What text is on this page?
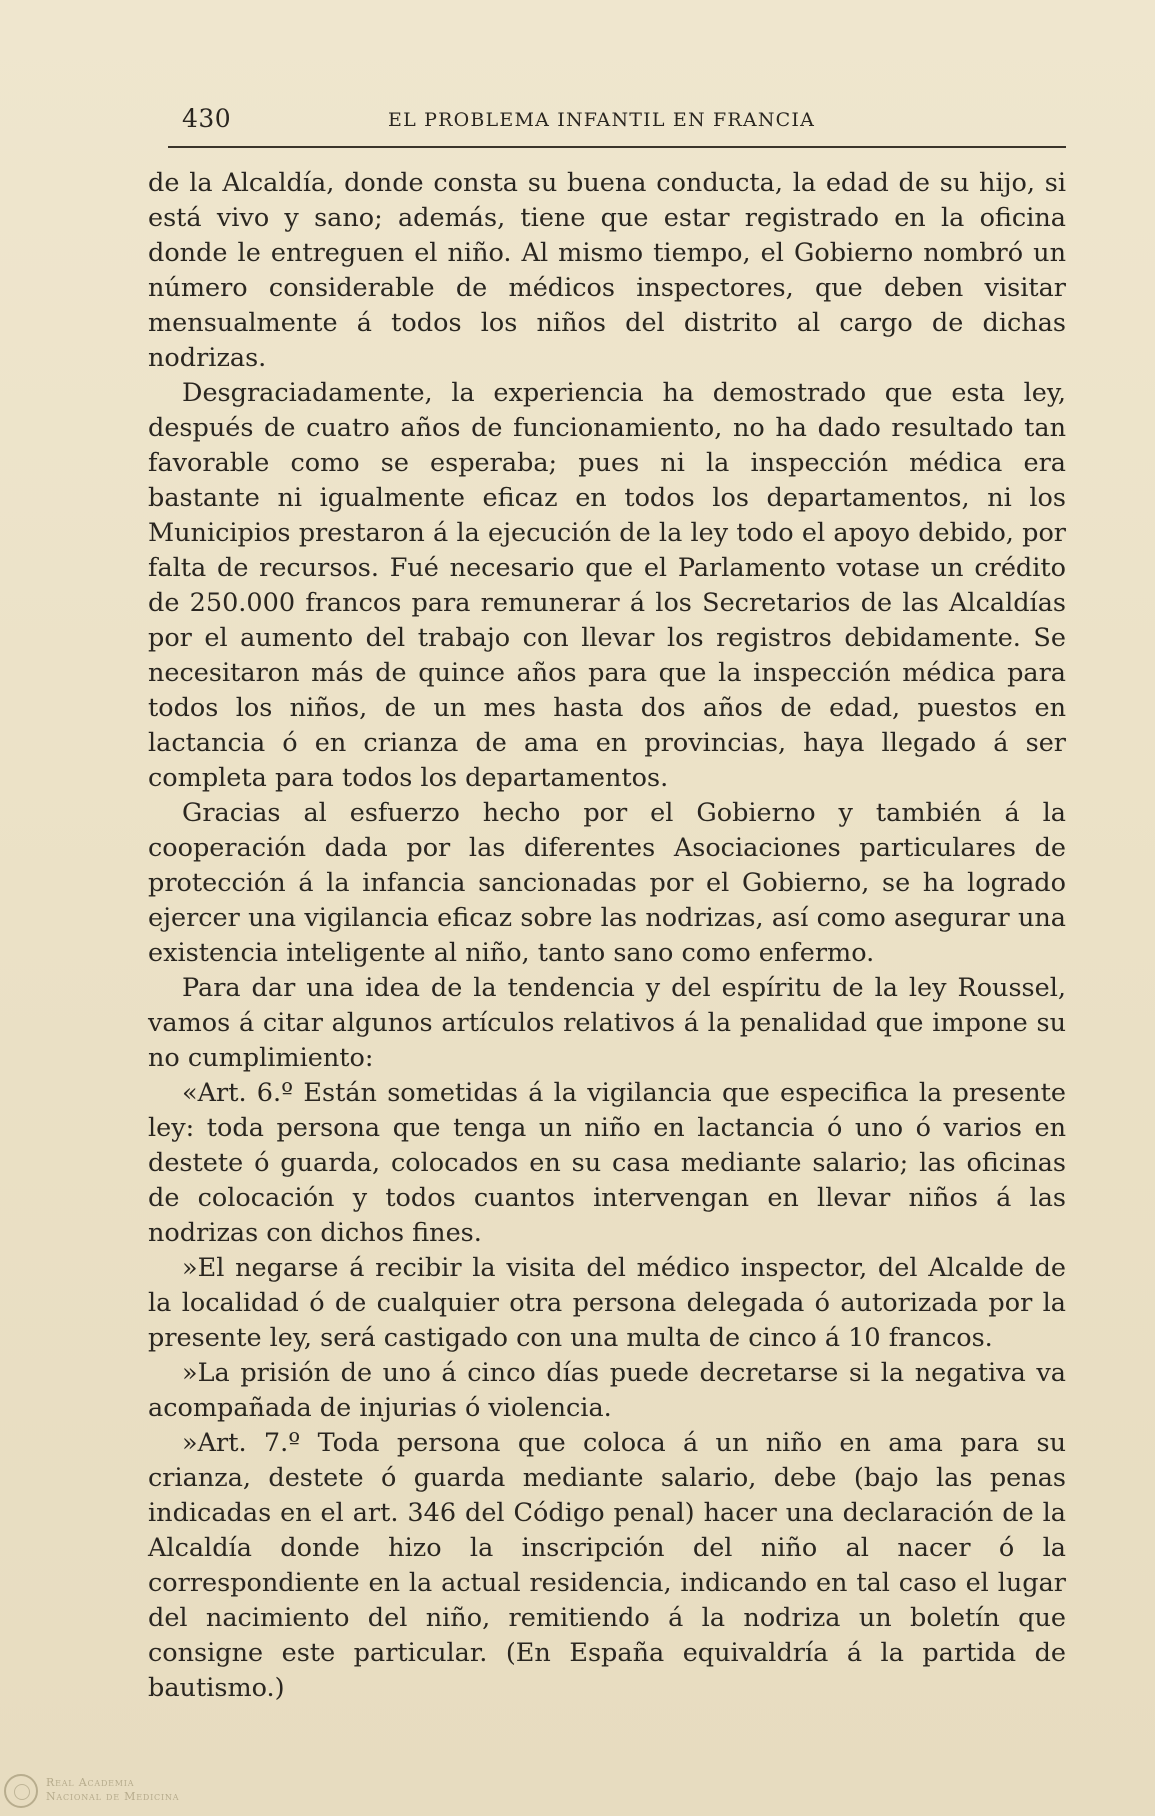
430	EL PROBLEMA INFANTIL EN FRANCIA

de la Alcaldía, donde consta su buena conducta, la edad de su hijo, si está vivo y sano; además, tiene que estar registrado en la oficina donde le entreguen el niño. Al mismo tiempo, el Gobierno nombró un número considerable de médicos inspectores, que deben visitar mensualmente á todos los niños del distrito al cargo de dichas nodrizas.

Desgraciadamente, la experiencia ha demostrado que esta ley, después de cuatro años de funcionamiento, no ha dado resultado tan favorable como se esperaba; pues ni la inspección médica era bastante ni igualmente eficaz en todos los departamentos, ni los Municipios prestaron á la ejecución de la ley todo el apoyo debido, por falta de recursos. Fué necesario que el Parlamento votase un crédito de 250.000 francos para remunerar á los Secretarios de las Alcaldías por el aumento del trabajo con llevar los registros debidamente. Se necesitaron más de quince años para que la inspección médica para todos los niños, de un mes hasta dos años de edad, puestos en lactancia ó en crianza de ama en provincias, haya llegado á ser completa para todos los departamentos.

Gracias al esfuerzo hecho por el Gobierno y también á la cooperación dada por las diferentes Asociaciones particulares de protección á la infancia sancionadas por el Gobierno, se ha logrado ejercer una vigilancia eficaz sobre las nodrizas, así como asegurar una existencia inteligente al niño, tanto sano como enfermo.

Para dar una idea de la tendencia y del espíritu de la ley Roussel, vamos á citar algunos artículos relativos á la penalidad que impone su no cumplimiento:

«Art. 6.º Están sometidas á la vigilancia que especifica la presente ley: toda persona que tenga un niño en lactancia ó uno ó varios en destete ó guarda, colocados en su casa mediante salario; las oficinas de colocación y todos cuantos intervengan en llevar niños á las nodrizas con dichos fines.

»El negarse á recibir la visita del médico inspector, del Alcalde de la localidad ó de cualquier otra persona delegada ó autorizada por la presente ley, será castigado con una multa de cinco á 10 francos.

»La prisión de uno á cinco días puede decretarse si la negativa va acompañada de injurias ó violencia.

»Art. 7.º Toda persona que coloca á un niño en ama para su crianza, destete ó guarda mediante salario, debe (bajo las penas indicadas en el art. 346 del Código penal) hacer una declaración de la Alcaldía donde hizo la inscripción del niño al nacer ó la correspondiente en la actual residencia, indicando en tal caso el lugar del nacimiento del niño, remitiendo á la nodriza un boletín que consigne este particular. (En España equivaldría á la partida de bautismo.)

Real Academia
Nacional de Medicina
